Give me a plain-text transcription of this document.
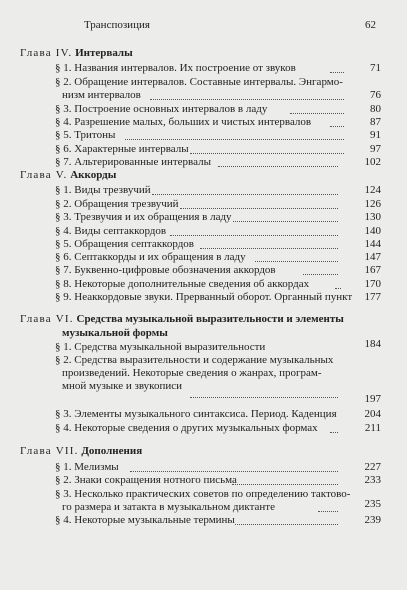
Транспозиция	62
Глава IV. Интервалы
§ 1. Названия интервалов. Их построение от звуков	71
§ 2. Обращение интервалов. Составные интервалы. Энгармо-
низм интервалов	76
§ 3. Построение основных интервалов в ладу	80
§ 4. Разрешение малых, больших и чистых интервалов	87
§ 5. Тритоны	91
§ 6. Характерные интервалы	97
§ 7. Альтерированные интервалы	102
Глава V. Аккорды
§ 1. Виды трезвучий	124
§ 2. Обращения трезвучий	126
§ 3. Трезвучия и их обращения в ладу	130
§ 4. Виды септаккордов	140
§ 5. Обращения септаккордов	144
§ 6. Септаккорды и их обращения в ладу	147
§ 7. Буквенно-цифровые обозначения аккордов	167
§ 8. Некоторые дополнительные сведения об аккордах	170
§ 9. Неаккордовые звуки. Прерванный оборот. Органный пункт 177
Глава VI. Средства музыкальной выразительности и элементы
музыкальной формы
§ 1. Средства музыкальной выразительности	184
§ 2. Средства выразительности и содержание музыкальных
произведений. Некоторые сведения о жанрах, програм-
мной музыке и звукописи
197
§ 3. Элементы музыкального синтаксиса. Период. Каденция	204
§ 4. Некоторые сведения о других музыкальных формах	211
Глава VII. Дополнения
§ 1. Мелизмы	227
§ 2. Знаки сокращения нотного письма	233
§ 3. Несколько практических советов по определению тактово-
го размера и затакта в музыкальном диктанте	235
§ 4. Некоторые музыкальные термины	239
